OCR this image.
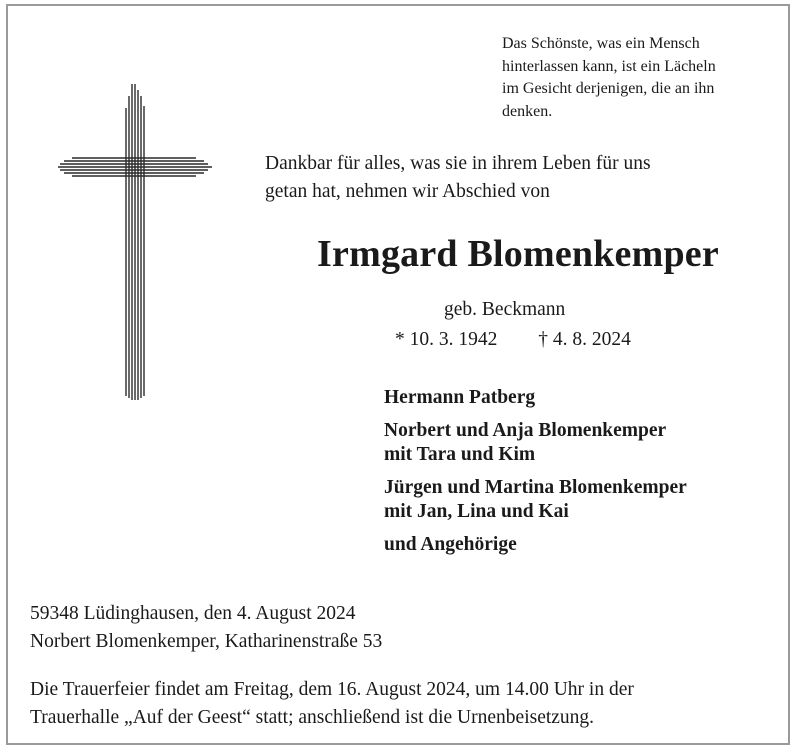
Das Schönste, was ein Mensch
hinterlassen kann, ist ein Lächeln
im Gesicht derjenigen, die an ihn
denken.
Dankbar für alles, was sie in ihrem Leben für uns
getan hat, nehmen wir Abschied von
Irmgard Blomenkemper
geb. Beckmann
* 10. 3. 1942 † 4. 8. 2024
Hermann Patberg
Norbert und Anja Blomenkemper
mit Tara und Kim
Jürgen und Martina Blomenkemper
mit Jan, Lina und Kai
und Angehörige
59348 Lüdinghausen, den 4. August 2024
Norbert Blomenkemper, Katharinenstraße 53
Die Trauerfeier findet am Freitag, dem 16. August 2024, um 14.00 Uhr in der
Trauerhalle „Auf der Geest“ statt; anschließend ist die Urnenbeisetzung.
